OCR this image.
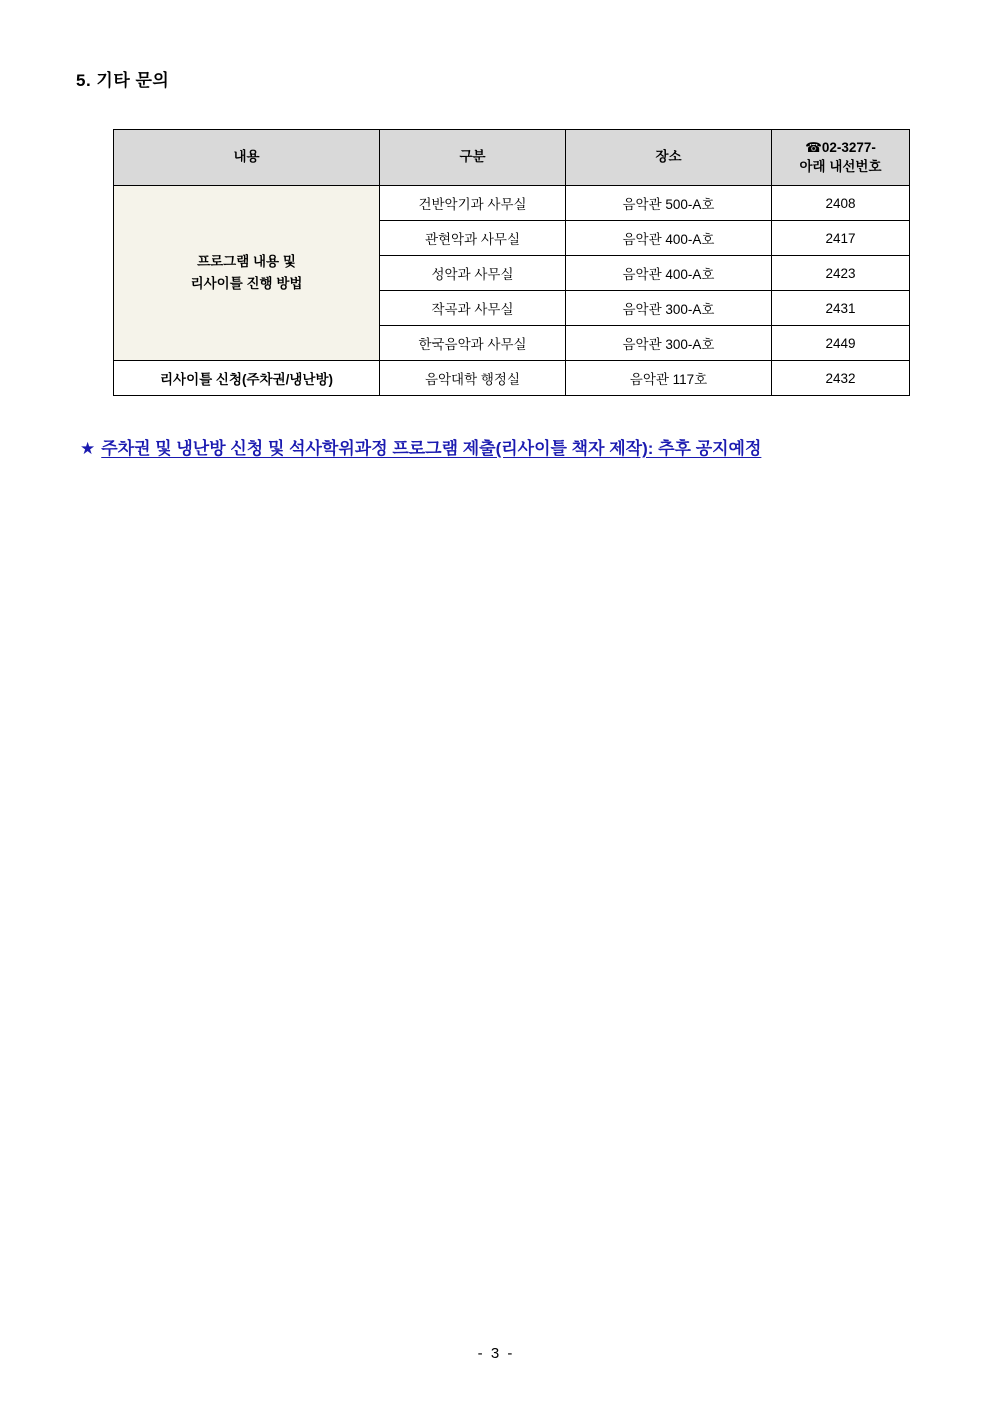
5. 기타 문의
내용	구분	장소	☎02-3277-
아래 내선번호

프로그램 내용 및
리사이틀 진행 방법	건반악기과 사무실	음악관 500-A호	2408
	관현악과 사무실	음악관 400-A호	2417
	성악과 사무실	음악관 400-A호	2423
	작곡과 사무실	음악관 300-A호	2431
	한국음악과 사무실	음악관 300-A호	2449
리사이틀 신청(주차권/냉난방)	음악대학 행정실	음악관 117호	2432
★ 주차권 및 냉난방 신청 및 석사학위과정 프로그램 제출(리사이틀 책자 제작): 추후 공지예정
- 3 -
